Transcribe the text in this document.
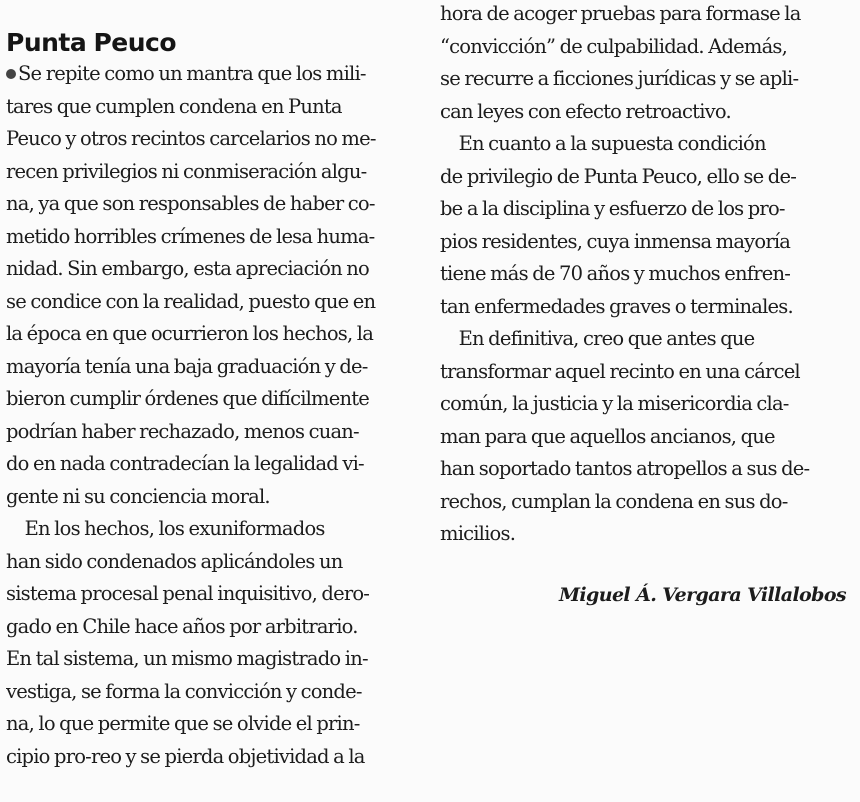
Punta Peuco
Se repite como un mantra que los mili-
tares que cumplen condena en Punta
Peuco y otros recintos carcelarios no me-
recen privilegios ni conmiseración algu-
na, ya que son responsables de haber co-
metido horribles crímenes de lesa huma-
nidad. Sin embargo, esta apreciación no
se condice con la realidad, puesto que en
la época en que ocurrieron los hechos, la
mayoría tenía una baja graduación y de-
bieron cumplir órdenes que difícilmente
podrían haber rechazado, menos cuan-
do en nada contradecían la legalidad vi-
gente ni su conciencia moral.
En los hechos, los exuniformados
han sido condenados aplicándoles un
sistema procesal penal inquisitivo, dero-
gado en Chile hace años por arbitrario.
En tal sistema, un mismo magistrado in-
vestiga, se forma la convicción y conde-
na, lo que permite que se olvide el prin-
cipio pro-reo y se pierda objetividad a la
hora de acoger pruebas para formase la
“convicción” de culpabilidad. Además,
se recurre a ficciones jurídicas y se apli-
can leyes con efecto retroactivo.
En cuanto a la supuesta condición
de privilegio de Punta Peuco, ello se de-
be a la disciplina y esfuerzo de los pro-
pios residentes, cuya inmensa mayoría
tiene más de 70 años y muchos enfren-
tan enfermedades graves o terminales.
En definitiva, creo que antes que
transformar aquel recinto en una cárcel
común, la justicia y la misericordia cla-
man para que aquellos ancianos, que
han soportado tantos atropellos a sus de-
rechos, cumplan la condena en sus do-
micilios.
Miguel Á. Vergara Villalobos
